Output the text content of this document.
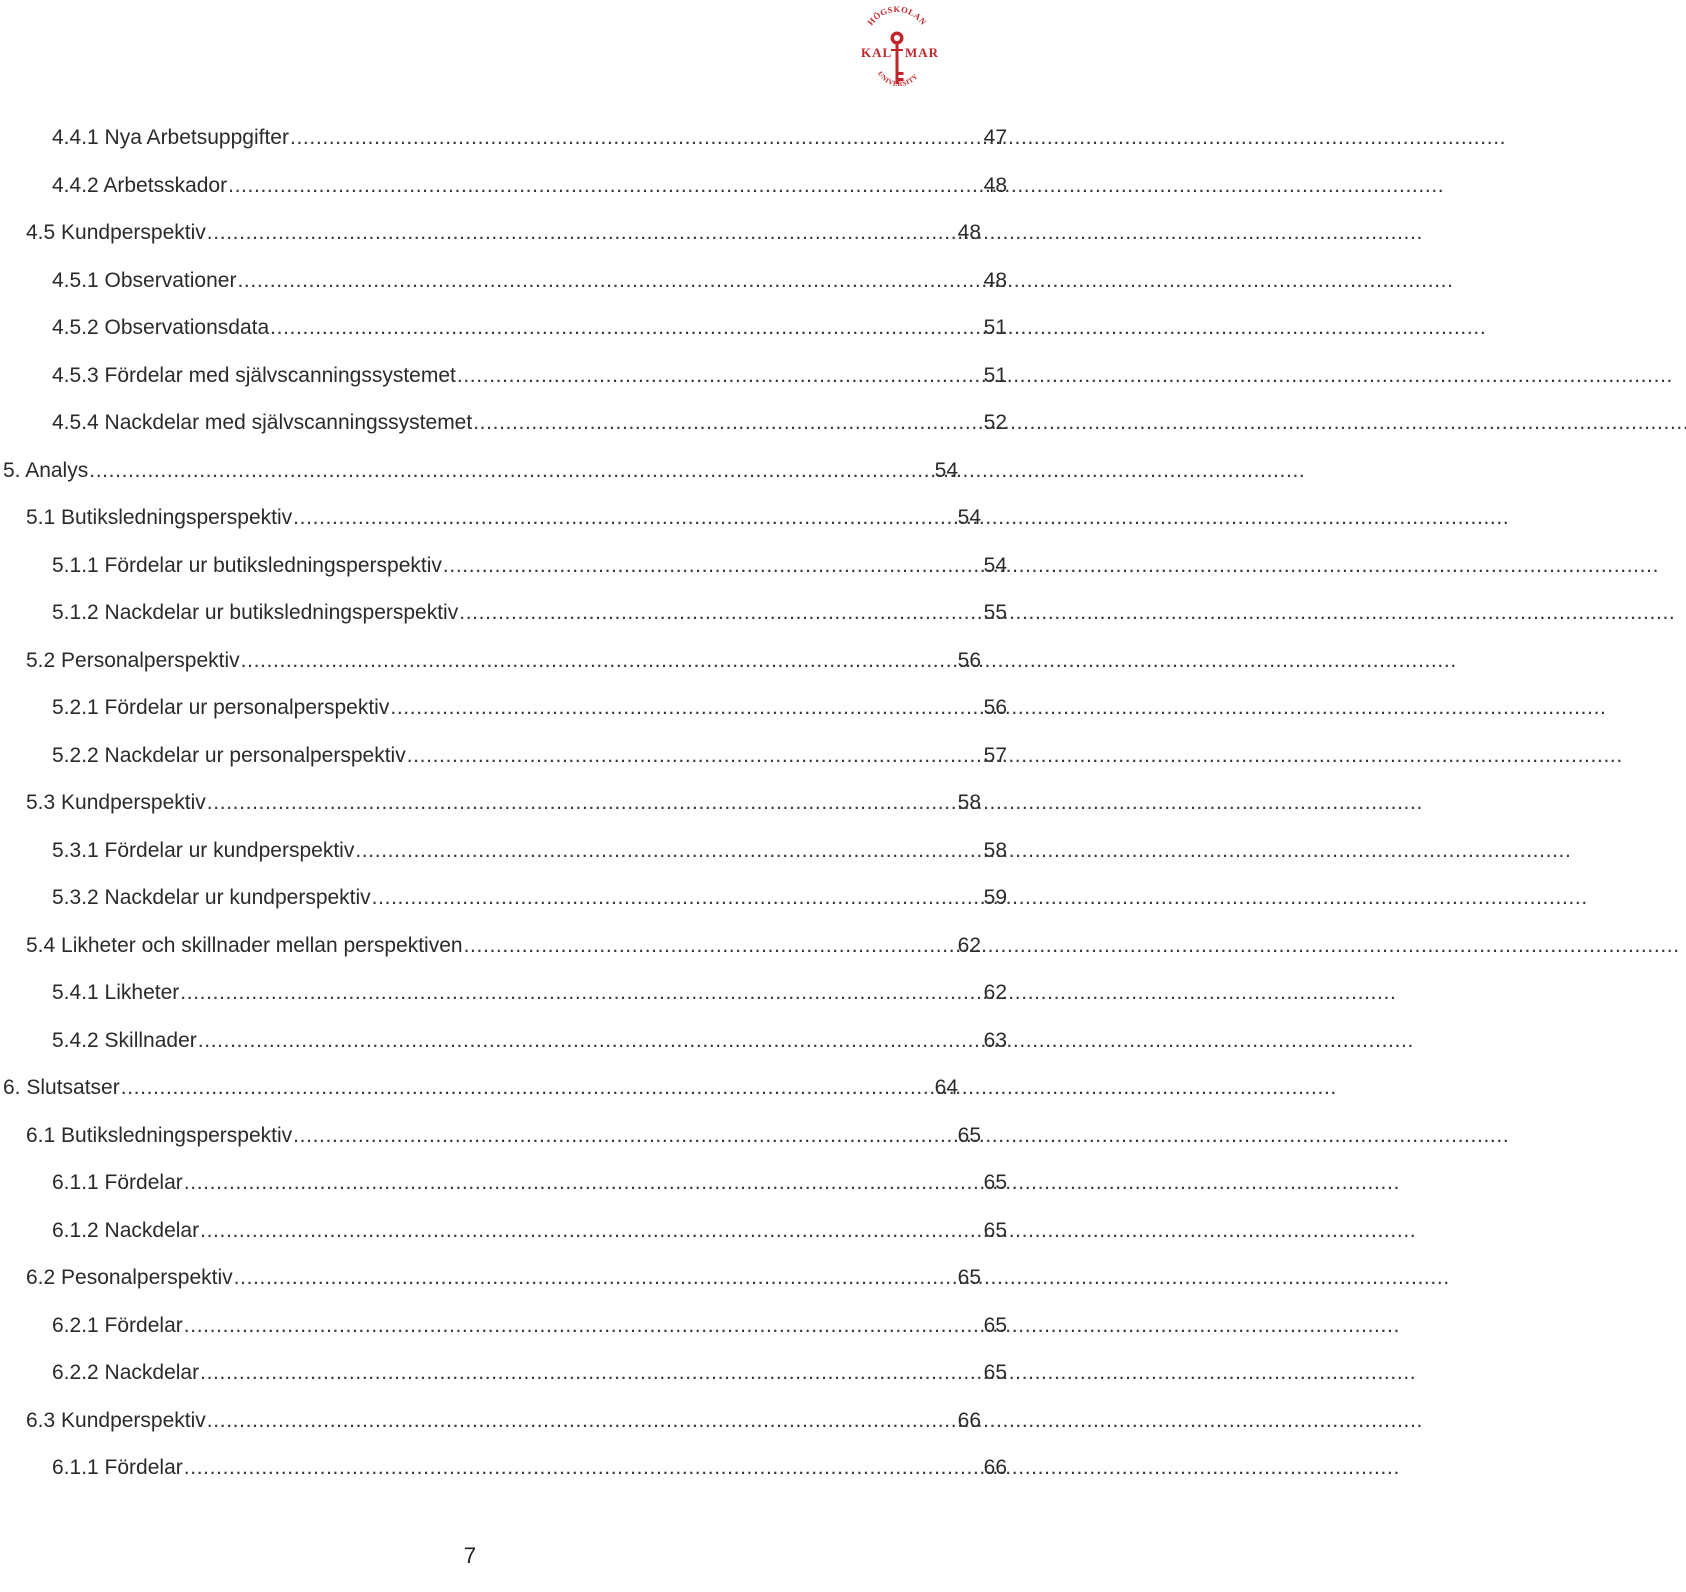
HÖGSKOLAN
KAL MAR
UNIVERSITY
4.4.1 Nya Arbetsuppgifter . . .	47
4.4.2 Arbetsskador . . .	48
4.5 Kundperspektiv . . .	48
4.5.1 Observationer . . .	48
4.5.2 Observationsdata . . .	51
4.5.3 Fördelar med självscanningssystemet . . .	51
4.5.4 Nackdelar med självscanningssystemet . . .	52
5. Analys . . .	54
5.1 Butiksledningsperspektiv . . .	54
5.1.1 Fördelar ur butiksledningsperspektiv . . .	54
5.1.2 Nackdelar ur butiksledningsperspektiv . . .	55
5.2 Personalperspektiv . . .	56
5.2.1 Fördelar ur personalperspektiv . . .	56
5.2.2 Nackdelar ur personalperspektiv . . .	57
5.3 Kundperspektiv . . .	58
5.3.1 Fördelar ur kundperspektiv . . .	58
5.3.2 Nackdelar ur kundperspektiv . . .	59
5.4 Likheter och skillnader mellan perspektiven . . .	62
5.4.1 Likheter . . .	62
5.4.2 Skillnader . . .	63
6. Slutsatser . . .	64
6.1 Butiksledningsperspektiv . . .	65
6.1.1 Fördelar . . .	65
6.1.2 Nackdelar . . .	65
6.2 Pesonalperspektiv . . .	65
6.2.1 Fördelar . . .	65
6.2.2 Nackdelar . . .	65
6.3 Kundperspektiv . . .	66
6.1.1 Fördelar . . .	66
7
